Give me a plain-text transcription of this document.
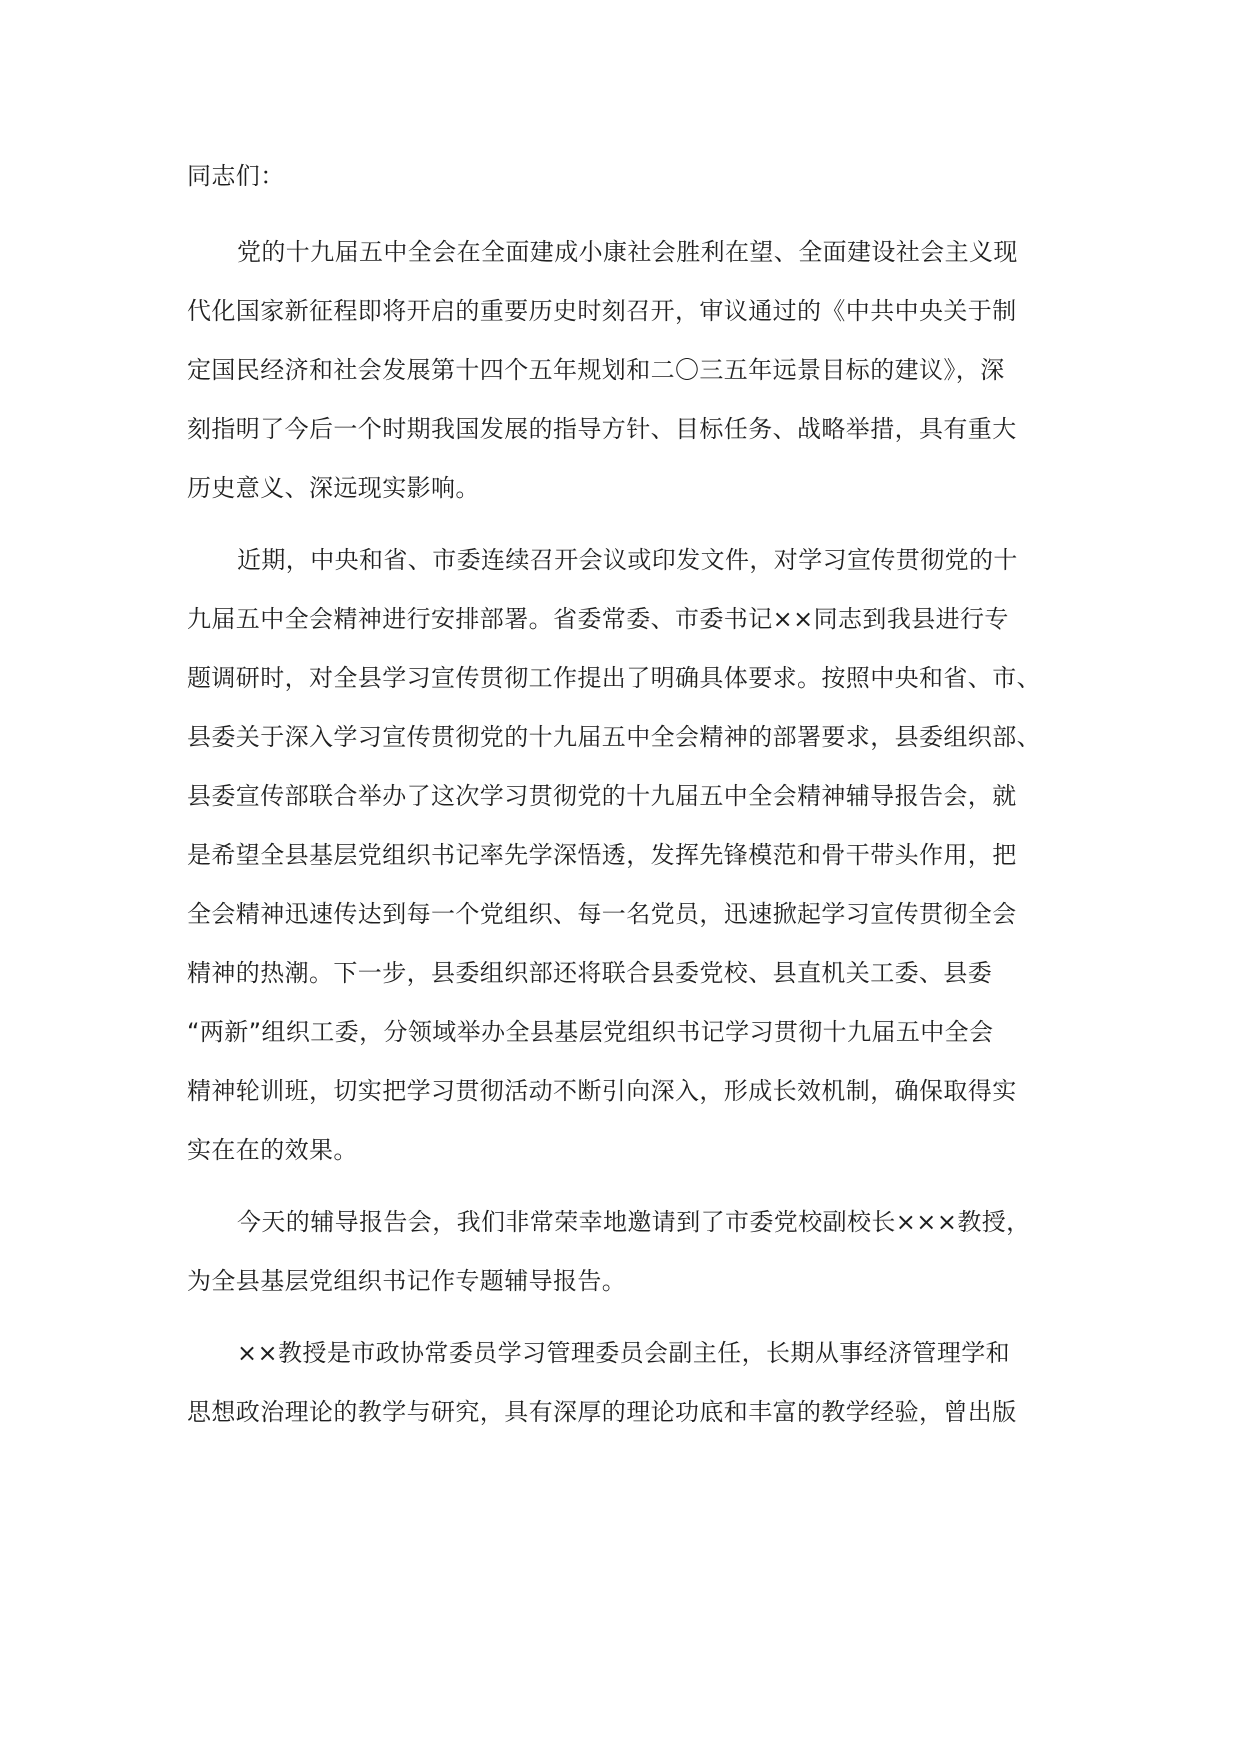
同志们：

党的十九届五中全会在全面建成小康社会胜利在望、全面建设社会主义现

代化国家新征程即将开启的重要历史时刻召开，审议通过的《中共中央关于制

定国民经济和社会发展第十四个五年规划和二〇三五年远景目标的建议》，深

刻指明了今后一个时期我国发展的指导方针、目标任务、战略举措，具有重大

历史意义、深远现实影响。

近期，中央和省、市委连续召开会议或印发文件，对学习宣传贯彻党的十

九届五中全会精神进行安排部署。省委常委、市委书记××同志到我县进行专

题调研时，对全县学习宣传贯彻工作提出了明确具体要求。按照中央和省、市、

县委关于深入学习宣传贯彻党的十九届五中全会精神的部署要求，县委组织部、

县委宣传部联合举办了这次学习贯彻党的十九届五中全会精神辅导报告会，就

是希望全县基层党组织书记率先学深悟透，发挥先锋模范和骨干带头作用，把

全会精神迅速传达到每一个党组织、每一名党员，迅速掀起学习宣传贯彻全会

精神的热潮。下一步，县委组织部还将联合县委党校、县直机关工委、县委

“两新”组织工委，分领域举办全县基层党组织书记学习贯彻十九届五中全会

精神轮训班，切实把学习贯彻活动不断引向深入，形成长效机制，确保取得实

实在在的效果。

今天的辅导报告会，我们非常荣幸地邀请到了市委党校副校长×××教授，

为全县基层党组织书记作专题辅导报告。

××教授是市政协常委员学习管理委员会副主任，长期从事经济管理学和

思想政治理论的教学与研究，具有深厚的理论功底和丰富的教学经验，曾出版
